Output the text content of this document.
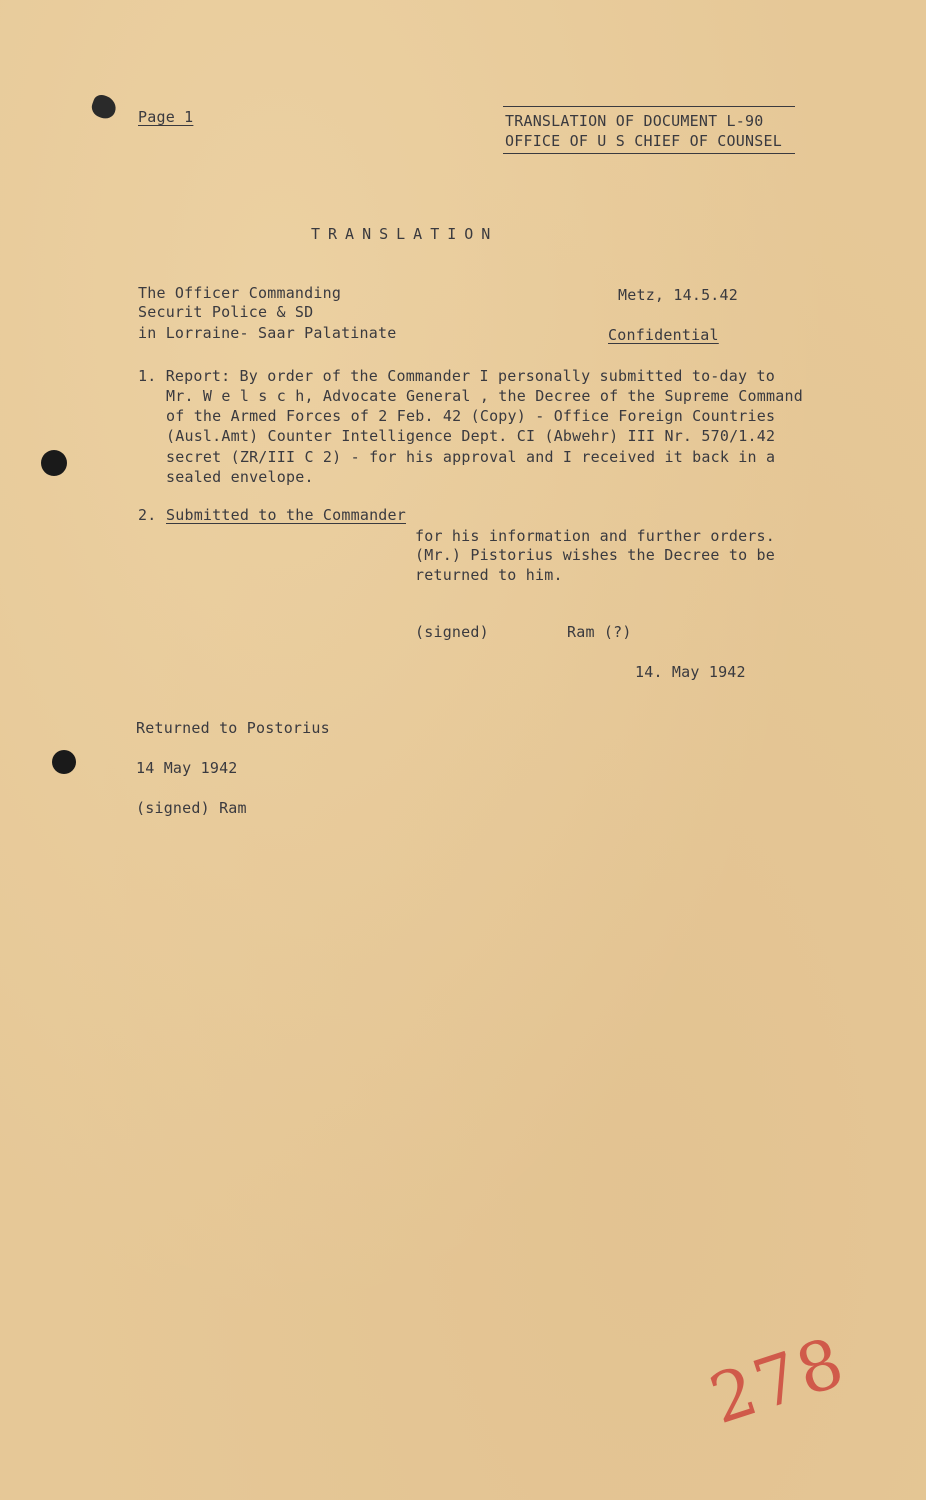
Page 1	TRANSLATION OF DOCUMENT L-90
OFFICE OF U S CHIEF OF COUNSEL
TRANSLATION
The Officer Commanding
Securit Police & SD
in Lorraine- Saar Palatinate
Metz, 14.5.42
Confidential
1. Report: By order of the Commander I personally submitted to-day to
Mr. W e l s c h, Advocate General , the Decree of the Supreme Command
of the Armed Forces of 2 Feb. 42 (Copy) - Office Foreign Countries
(Ausl.Amt) Counter Intelligence Dept. CI (Abwehr) III Nr. 570/1.42
secret (ZR/III C 2) - for his approval and I received it back in a
sealed envelope.
2. Submitted to the Commander
for his information and further orders.
(Mr.) Pistorius wishes the Decree to be
returned to him.
(signed)	Ram (?)
14. May 1942
Returned to Postorius
14 May 1942
(signed) Ram
278
